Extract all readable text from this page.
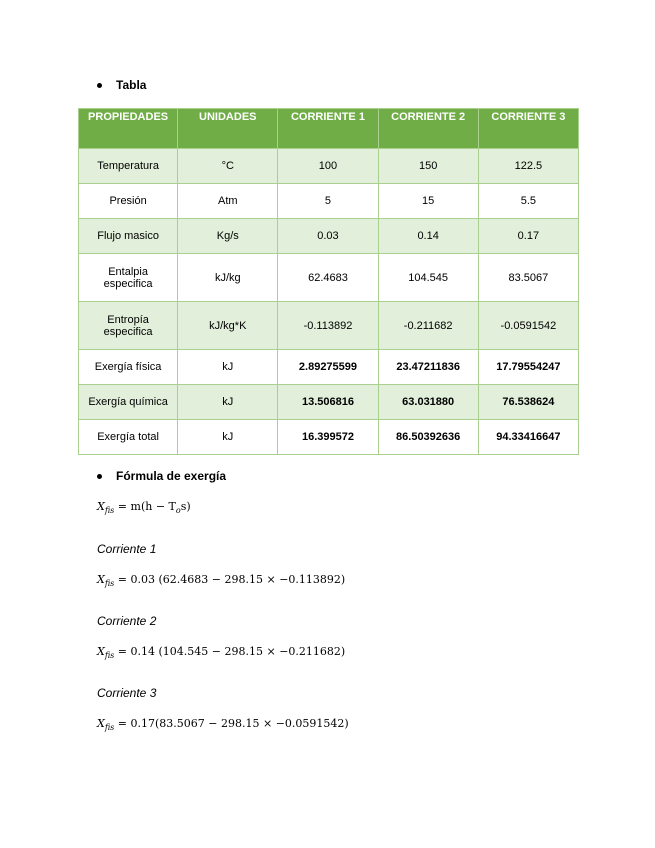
Tabla
PROPIEDADES	UNIDADES	CORRIENTE 1	CORRIENTE 2	CORRIENTE 3
Temperatura	°C	100	150	122.5
Presión	Atm	5	15	5.5
Flujo masico	Kg/s	0.03	0.14	0.17
Entalpia especifica	kJ/kg	62.4683	104.545	83.5067
Entropía especifica	kJ/kg*K	-0.113892	-0.211682	-0.0591542
Exergía física	kJ	2.89275599	23.47211836	17.79554247
Exergía química	kJ	13.506816	63.031880	76.538624
Exergía total	kJ	16.399572	86.50392636	94.33416647
Fórmula de exergía
$X_{fis} = m(h - T_os)$
Corriente 1
$X_{fis} = 0.03$ (62.4683 − 298.15 × −0.113892)
Corriente 2
$X_{fis} = 0.14$ (104.545 − 298.15 × −0.211682)
Corriente 3
$X_{fis} = 0.17(83.5067 - 298.15 \times -0.0591542)$
